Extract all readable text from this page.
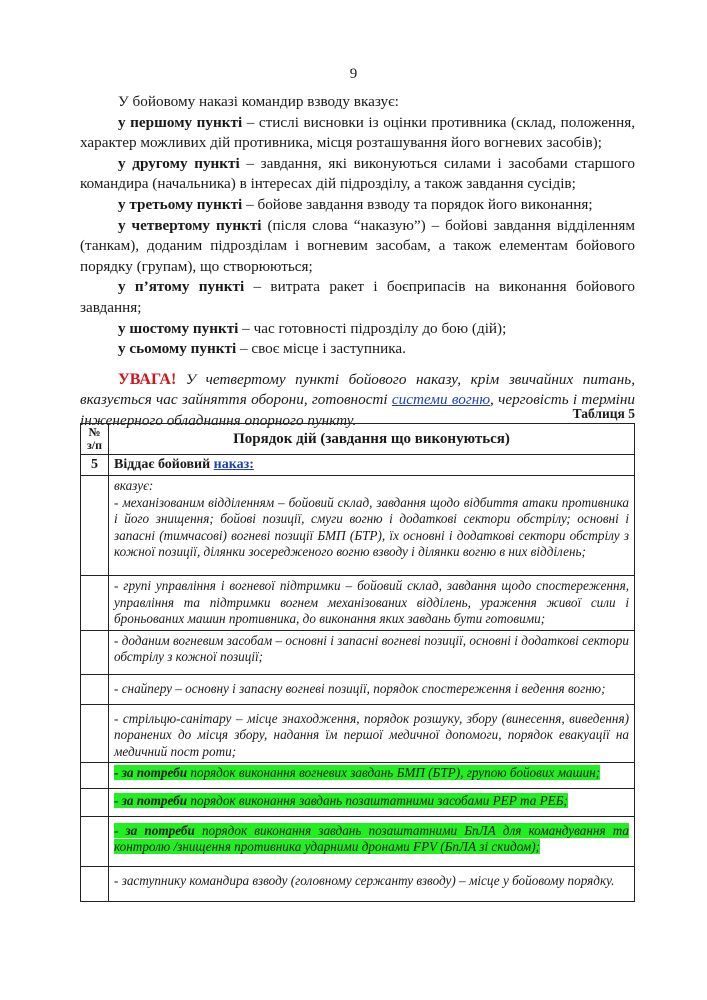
9

У бойовому наказі командир взводу вказує:

у першому пункті – стислі висновки із оцінки противника (склад, положення, характер можливих дій противника, місця розташування його вогневих засобів);

у другому пункті – завдання, які виконуються силами і засобами старшого командира (начальника) в інтересах дій підрозділу, а також завдання сусідів;

у третьому пункті – бойове завдання взводу та порядок його виконання;

у четвертому пункті (після слова “наказую”) – бойові завдання відділенням (танкам), доданим підрозділам і вогневим засобам, а також елементам бойового порядку (групам), що створюються;

у п’ятому пункті – витрата ракет і боєприпасів на виконання бойового завдання;

у шостому пункті – час готовності підрозділу до бою (дій);

у сьомому пункті – своє місце і заступника.

УВАГА! У четвертому пункті бойового наказу, крім звичайних питань, вказується час зайняття оборони, готовності системи вогню, черговість і терміни інженерного обладнання опорного пункту.	Таблиця 5
№ з/п	Порядок дій (завдання що виконуються)
5	Віддає бойовий наказ:
	вказує:
- механізованим відділенням – бойовий склад, завдання щодо відбиття атаки противника і його знищення; бойові позиції, смуги вогню і додаткові сектори обстрілу; основні і запасні (тимчасові) вогневі позиції БМП (БТР), їх основні і додаткові сектори обстрілу з кожної позиції, ділянки зосередженого вогню взводу і ділянки вогню в них відділень;
	- групі управління і вогневої підтримки – бойовий склад, завдання щодо спостереження, управління та підтримки вогнем механізованих відділень, ураження живої сили і броньованих машин противника, до виконання яких завдань бути готовими;
	- доданим вогневим засобам – основні і запасні вогневі позиції, основні і додаткові сектори обстрілу з кожної позиції;
	- снайперу – основну і запасну вогневі позиції, порядок спостереження і ведення вогню;
	- стрільцю-санітару – місце знаходження, порядок розшуку, збору (винесення, виведення) поранених до місця збору, надання їм першої медичної допомоги, порядок евакуації на медичний пост роти;
	- за потреби порядок виконання вогневих завдань БМП (БТР), групою бойових машин;
	- за потреби порядок виконання завдань позаштатними засобами РЕР та РЕБ;
	- за потреби порядок виконання завдань позаштатними БпЛА для командування та контролю /знищення противника ударними дронами FPV (БпЛА зі скидом);
	- заступнику командира взводу (головному сержанту взводу) – місце у бойовому порядку.
